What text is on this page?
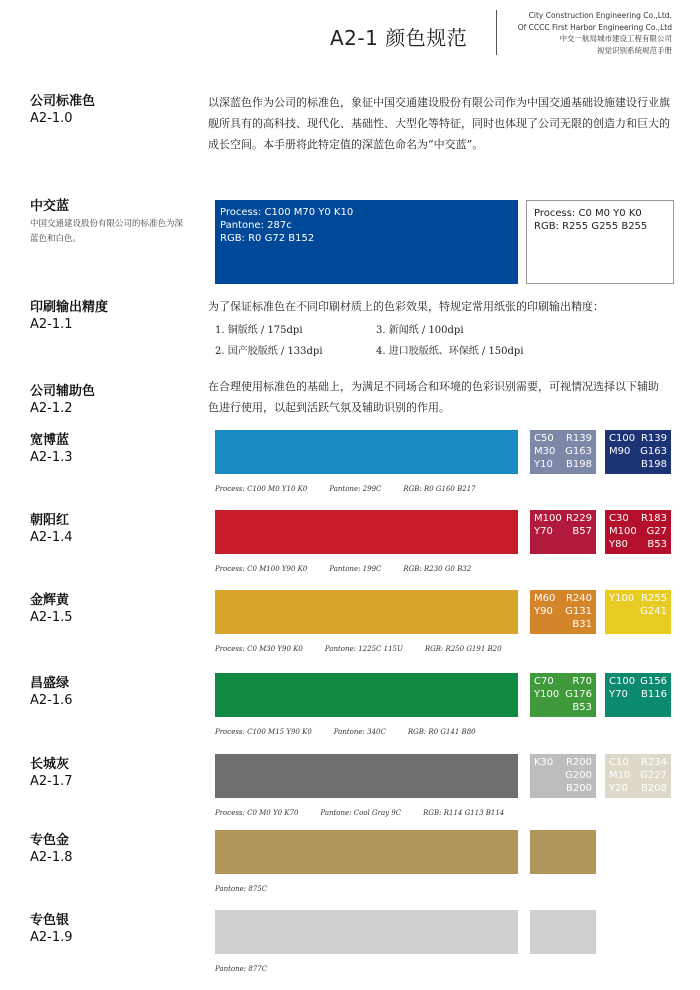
A2-1 颜色规范
City Construction Engineering Co.,Ltd.
Of CCCC First Harbor Engineering Co.,Ltd
中交一航局城市建设工程有限公司
视觉识别系统规范手册
公司标准色
A2-1.0
以深蓝色作为公司的标准色，象征中国交通建设股份有限公司作为中国交通基础设施建设行业旗舰所具有的高科技、现代化、基础性、大型化等特征，同时也体现了公司无限的创造力和巨大的成长空间。本手册将此特定值的深蓝色命名为“中交蓝”。
中交蓝
中国交通建设股份有限公司的标准色为深蓝色和白色。
Process: C100 M70 Y0 K10
Pantone: 287c
RGB: R0 G72 B152
Process: C0 M0 Y0 K0
RGB: R255 G255 B255
印刷输出精度
A2-1.1
为了保证标准色在不同印刷材质上的色彩效果，特规定常用纸张的印刷输出精度：
1. 铜版纸 / 175dpi	3. 新闻纸 / 100dpi
2. 国产胶版纸 / 133dpi	4. 进口胶版纸、环保纸 / 150dpi
公司辅助色
A2-1.2
在合理使用标准色的基础上，为满足不同场合和环境的色彩识别需要，可视情况选择以下辅助色进行使用，以起到活跃气氛及辅助识别的作用。
宽博蓝
A2-1.3
Process: C100 M0 Y10 K0	Pantone: 299C	RGB: R0 G160 B217
C50
M30
Y10
R139
G163
B198
C100
M90
R139
G163
B198
朝阳红
A2-1.4
Process: C0 M100 Y90 K0	Pantone: 199C	RGB: R230 G0 B32
M100
Y70
R229
B57
C30
M100
Y80
R183
G27
B53
金辉黄
A2-1.5
Process: C0 M30 Y90 K0	Pantone: 1225C 115U	RGB: R250 G191 B20
M60
Y90
R240
G131
B31
Y100 R255
G241
昌盛绿
A2-1.6
Process: C100 M15 Y90 K0	Pantone: 340C	RGB: R0 G141 B80
C70
Y100
R70
G176
B53
C100
Y70
G156
B116
长城灰
A2-1.7
Process: C0 M0 Y0 K70	Pantone: Cool Gray 9C	RGB: R114 G113 B114
K30 R200
G200
B200
C10
M10
Y20
R234
G227
B208
专色金
A2-1.8
Pantone: 875C
专色银
A2-1.9
Pantone: 877C
